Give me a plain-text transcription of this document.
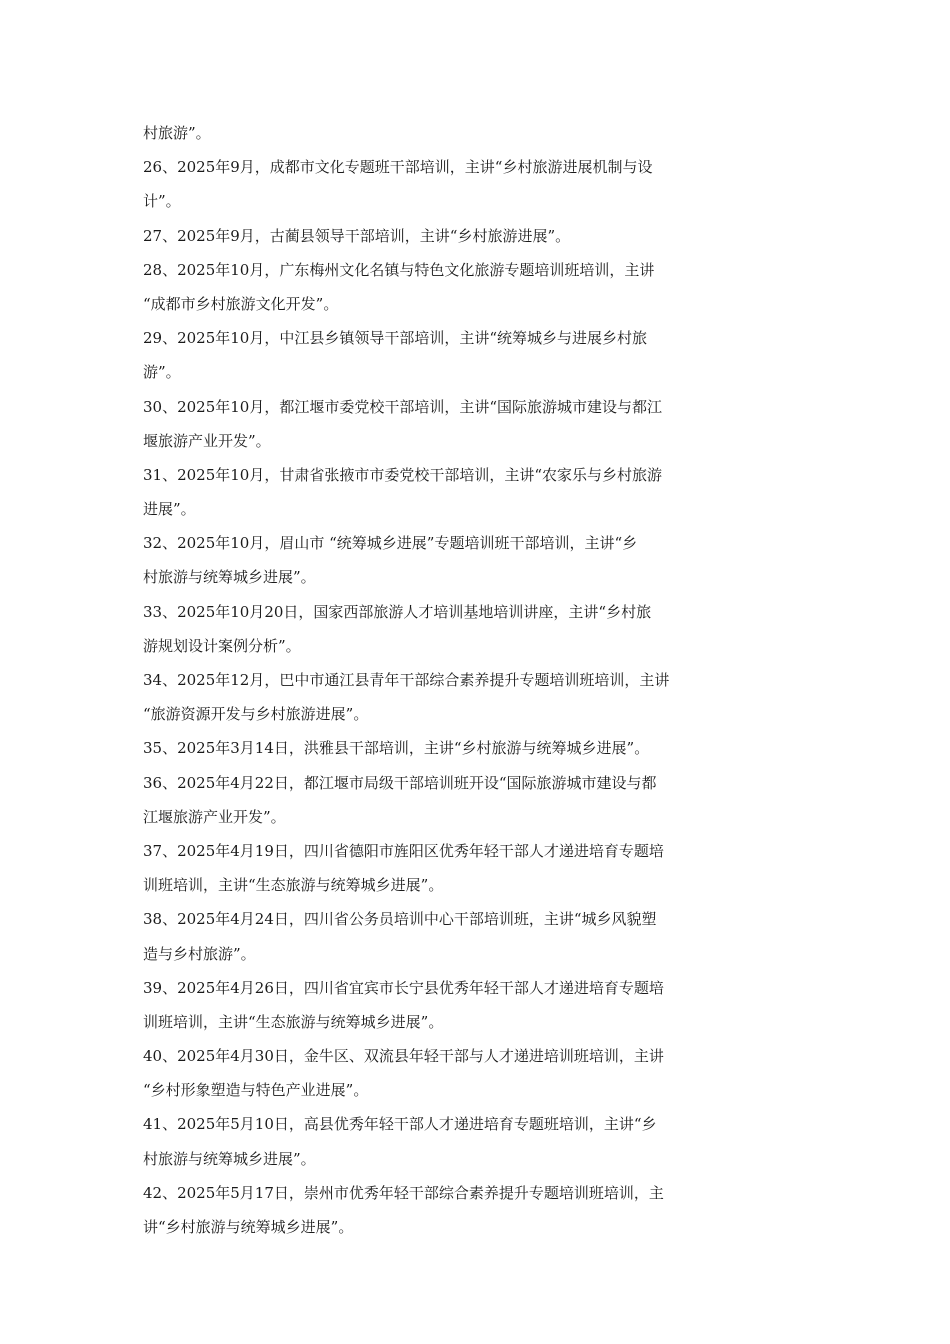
村旅游”。
26、2025年9月，成都市文化专题班干部培训，主讲“乡村旅游进展机制与设
计”。
27、2025年9月，古蔺县领导干部培训，主讲“乡村旅游进展”。
28、2025年10月，广东梅州文化名镇与特色文化旅游专题培训班培训，主讲
“成都市乡村旅游文化开发”。
29、2025年10月，中江县乡镇领导干部培训，主讲“统筹城乡与进展乡村旅
游”。
30、2025年10月，都江堰市委党校干部培训，主讲“国际旅游城市建设与都江
堰旅游产业开发”。
31、2025年10月，甘肃省张掖市市委党校干部培训，主讲“农家乐与乡村旅游
进展”。
32、2025年10月，眉山市 “统筹城乡进展”专题培训班干部培训，主讲“乡
村旅游与统筹城乡进展”。
33、2025年10月20日，国家西部旅游人才培训基地培训讲座，主讲“乡村旅
游规划设计案例分析”。
34、2025年12月，巴中市通江县青年干部综合素养提升专题培训班培训，主讲
“旅游资源开发与乡村旅游进展”。
35、2025年3月14日，洪雅县干部培训，主讲“乡村旅游与统筹城乡进展”。
36、2025年4月22日，都江堰市局级干部培训班开设“国际旅游城市建设与都
江堰旅游产业开发”。
37、2025年4月19日，四川省德阳市旌阳区优秀年轻干部人才递进培育专题培
训班培训，主讲“生态旅游与统筹城乡进展”。
38、2025年4月24日，四川省公务员培训中心干部培训班，主讲“城乡风貌塑
造与乡村旅游”。
39、2025年4月26日，四川省宜宾市长宁县优秀年轻干部人才递进培育专题培
训班培训，主讲“生态旅游与统筹城乡进展”。
40、2025年4月30日，金牛区、双流县年轻干部与人才递进培训班培训，主讲
“乡村形象塑造与特色产业进展”。
41、2025年5月10日，高县优秀年轻干部人才递进培育专题班培训，主讲“乡
村旅游与统筹城乡进展”。
42、2025年5月17日，崇州市优秀年轻干部综合素养提升专题培训班培训，主
讲“乡村旅游与统筹城乡进展”。
